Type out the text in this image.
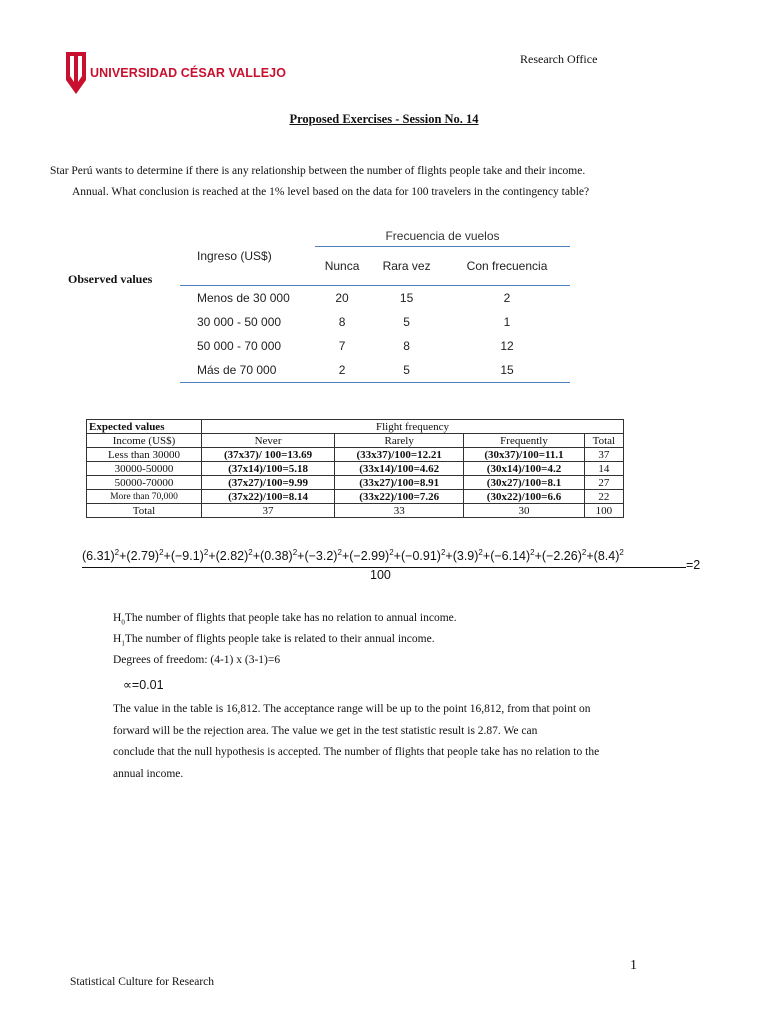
UNIVERSIDAD CÉSAR VALLEJO
Research Office
Proposed Exercises - Session No. 14

Star Perú wants to determine if there is any relationship between the number of flights people take and their income.

Annual. What conclusion is reached at the 1% level based on the data for 100 travelers in the contingency table?

Observed values
Ingreso (US$)	Frecuencia de vuelos		
	Nunca	Rara vez	Con frecuencia
Menos de 30 000	20	15	2
30 000 - 50 000	8	5	1
50 000 - 70 000	7	8	12
Más de 70 000	2	5	15
Expected values	Flight frequency			
Income (US$)	Never	Rarely	Frequently	Total
Less than 30000	(37x37)/ 100=13.69	(33x37)/100=12.21	(30x37)/100=11.1	37
30000-50000	(37x14)/100=5.18	(33x14)/100=4.62	(30x14)/100=4.2	14
50000-70000	(37x27)/100=9.99	(33x27)/100=8.91	(30x27)/100=8.1	27
More than 70,000	(37x22)/100=8.14	(33x22)/100=7.26	(30x22)/100=6.6	22
Total	37	33	30	100
$(6.31)^2+(2.79)^2+(-9.1)^2+(2.82)^2+(0.38)^2+(-3.2)^2+(-2.99)^2+(-0.91)^2+(3.9)^2+(-6.14)^2+(-2.26)^2+(8.4)^2$
100
=2
$H_0The$ number of flights that people take has no relation to annual income.
$H_1The$ number of flights people take is related to their annual income.
Degrees of freedom: (4-1) x (3-1)=6
∝=0.01

The value in the table is 16,812. The acceptance range will be up to the point 16,812, from that point on

forward will be the rejection area. The value we get in the test statistic result is 2.87. We can

conclude that the null hypothesis is accepted. The number of flights that people take has no relation to the

annual income.

1
Statistical Culture for Research
